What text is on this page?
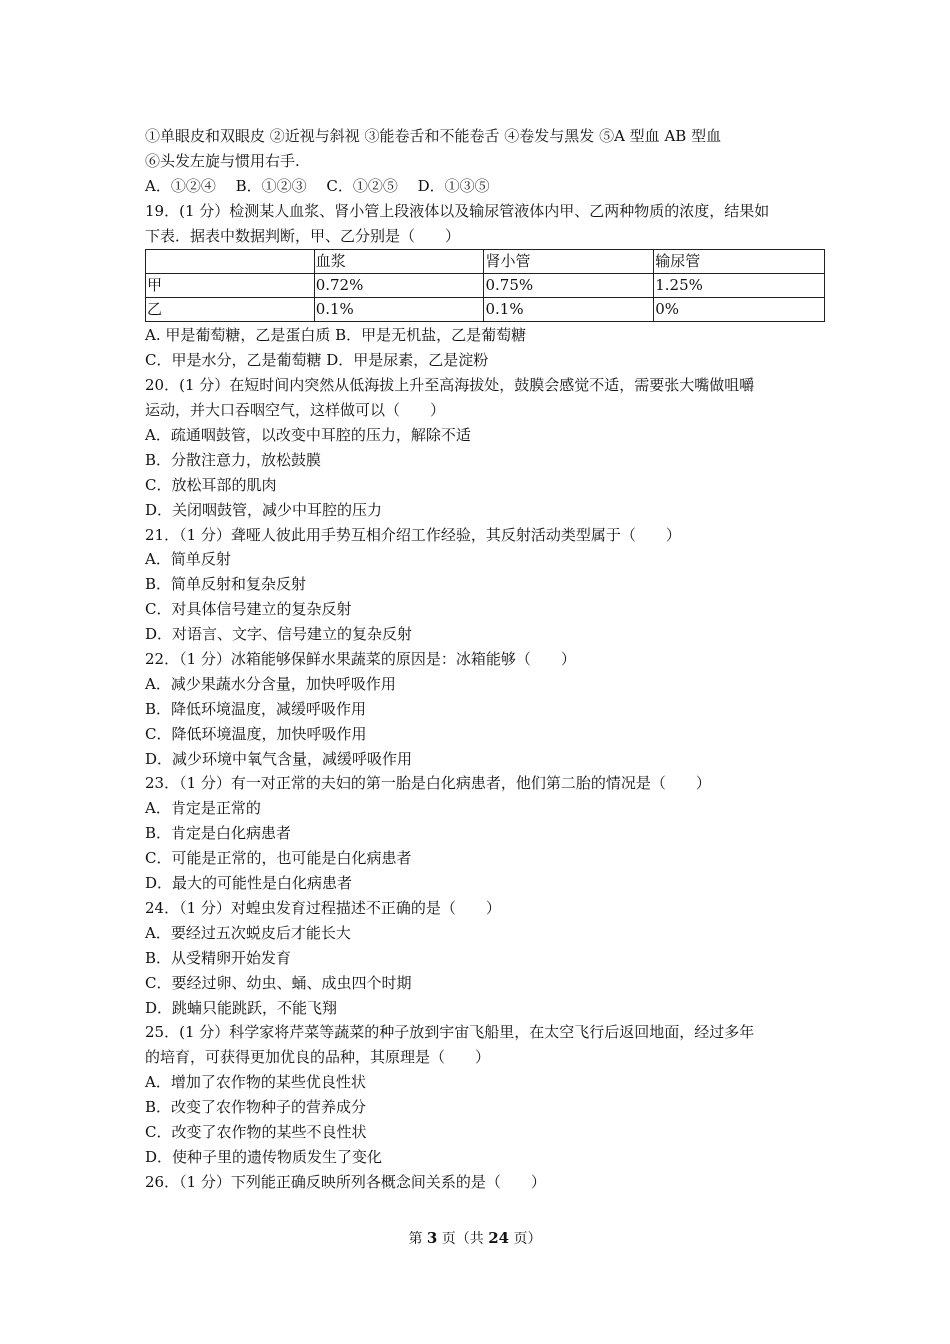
①单眼皮和双眼皮 ②近视与斜视 ③能卷舌和不能卷舌 ④卷发与黑发 ⑤A 型血 AB 型血
⑥头发左旋与惯用右手.
A．①②④ 　B．①②③ 　C．①②⑤ 　D．①③⑤
19．(1 分）检测某人血浆、肾小管上段液体以及输尿管液体内甲、乙两种物质的浓度，结果如
下表．据表中数据判断，甲、乙分别是（　　）
	血浆	肾小管	输尿管
甲	0.72%	0.75%	1.25%
乙	0.1%	0.1%	0%
A. 甲是葡萄糖，乙是蛋白质 B．甲是无机盐，乙是葡萄糖
C．甲是水分，乙是葡萄糖 D．甲是尿素，乙是淀粉
20．(1 分）在短时间内突然从低海拔上升至高海拔处，鼓膜会感觉不适，需要张大嘴做咀嚼
运动，并大口吞咽空气，这样做可以（　　）
A．疏通咽鼓管，以改变中耳腔的压力，解除不适
B．分散注意力，放松鼓膜
C．放松耳部的肌肉
D．关闭咽鼓管，减少中耳腔的压力
21．（1 分）聋哑人彼此用手势互相介绍工作经验，其反射活动类型属于（　　）
A．简单反射
B．简单反射和复杂反射
C．对具体信号建立的复杂反射
D．对语言、文字、信号建立的复杂反射
22．（1 分）冰箱能够保鲜水果蔬菜的原因是：冰箱能够（　　）
A．减少果蔬水分含量，加快呼吸作用
B．降低环境温度，减缓呼吸作用
C．降低环境温度，加快呼吸作用
D．减少环境中氧气含量，减缓呼吸作用
23．（1 分）有一对正常的夫妇的第一胎是白化病患者，他们第二胎的情况是（　　）
A．肯定是正常的
B．肯定是白化病患者
C．可能是正常的，也可能是白化病患者
D．最大的可能性是白化病患者
24．（1 分）对蝗虫发育过程描述不正确的是（　　）
A．要经过五次蜕皮后才能长大
B．从受精卵开始发育
C．要经过卵、幼虫、蛹、成虫四个时期
D．跳蝻只能跳跃，不能飞翔
25．(1 分）科学家将芹菜等蔬菜的种子放到宇宙飞船里，在太空飞行后返回地面，经过多年
的培育，可获得更加优良的品种，其原理是（　　）
A．增加了农作物的某些优良性状
B．改变了农作物种子的营养成分
C．改变了农作物的某些不良性状
D．使种子里的遗传物质发生了变化
26．（1 分）下列能正确反映所列各概念间关系的是（　　）
第 3 页（共 24 页）
